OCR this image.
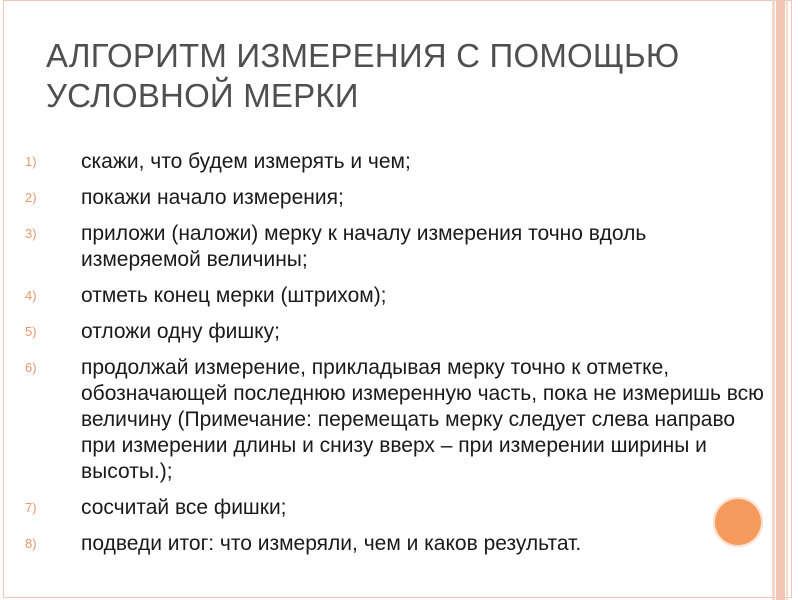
АЛГОРИТМ ИЗМЕРЕНИЯ С ПОМОЩЬЮ УСЛОВНОЙ МЕРКИ
1) скажи, что будем измерять и чем;
2) покажи начало измерения;
3) приложи (наложи) мерку к началу измерения точно вдоль измеряемой величины;
4) отметь конец мерки (штрихом);
5) отложи одну фишку;
6) продолжай измерение, прикладывая мерку точно к отметке, обозначающей последнюю измеренную часть, пока не измеришь всю величину (Примечание: перемещать мерку следует слева направо при измерении длины и снизу вверх – при измерении ширины и высоты.);
7) сосчитай все фишки;
8) подведи итог: что измеряли, чем и каков результат.
